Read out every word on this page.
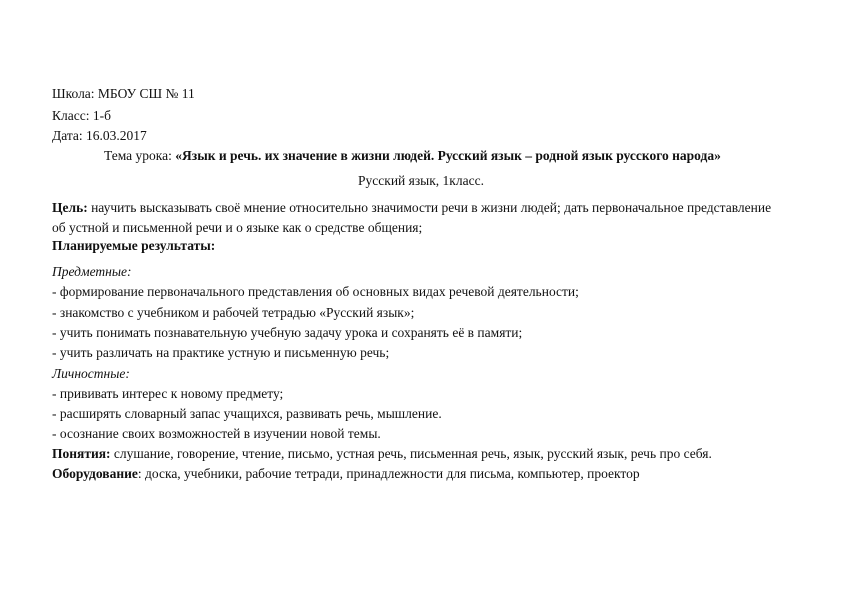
Школа: МБОУ СШ № 11
Класс: 1-б
Дата: 16.03.2017
Тема урока: «Язык и речь. их значение в жизни людей. Русский язык – родной язык русского народа»
Русский язык, 1класс.
Цель: научить высказывать своё мнение относительно значимости речи в жизни людей; дать первоначальное представление
об устной и письменной речи и о языке как о средстве общения;
Планируемые результаты:
Предметные:
- формирование первоначального представления об основных видах речевой деятельности;
- знакомство с учебником и рабочей тетрадью «Русский язык»;
- учить понимать познавательную учебную задачу урока и сохранять её в памяти;
- учить различать на практике устную и письменную речь;
Личностные:
- прививать интерес к новому предмету;
- расширять словарный запас учащихся, развивать речь, мышление.
- осознание своих возможностей в изучении новой темы.
Понятия: слушание, говорение, чтение, письмо, устная речь, письменная речь, язык, русский язык, речь про себя.
Оборудование: доска, учебники, рабочие тетради, принадлежности для письма, компьютер, проектор
